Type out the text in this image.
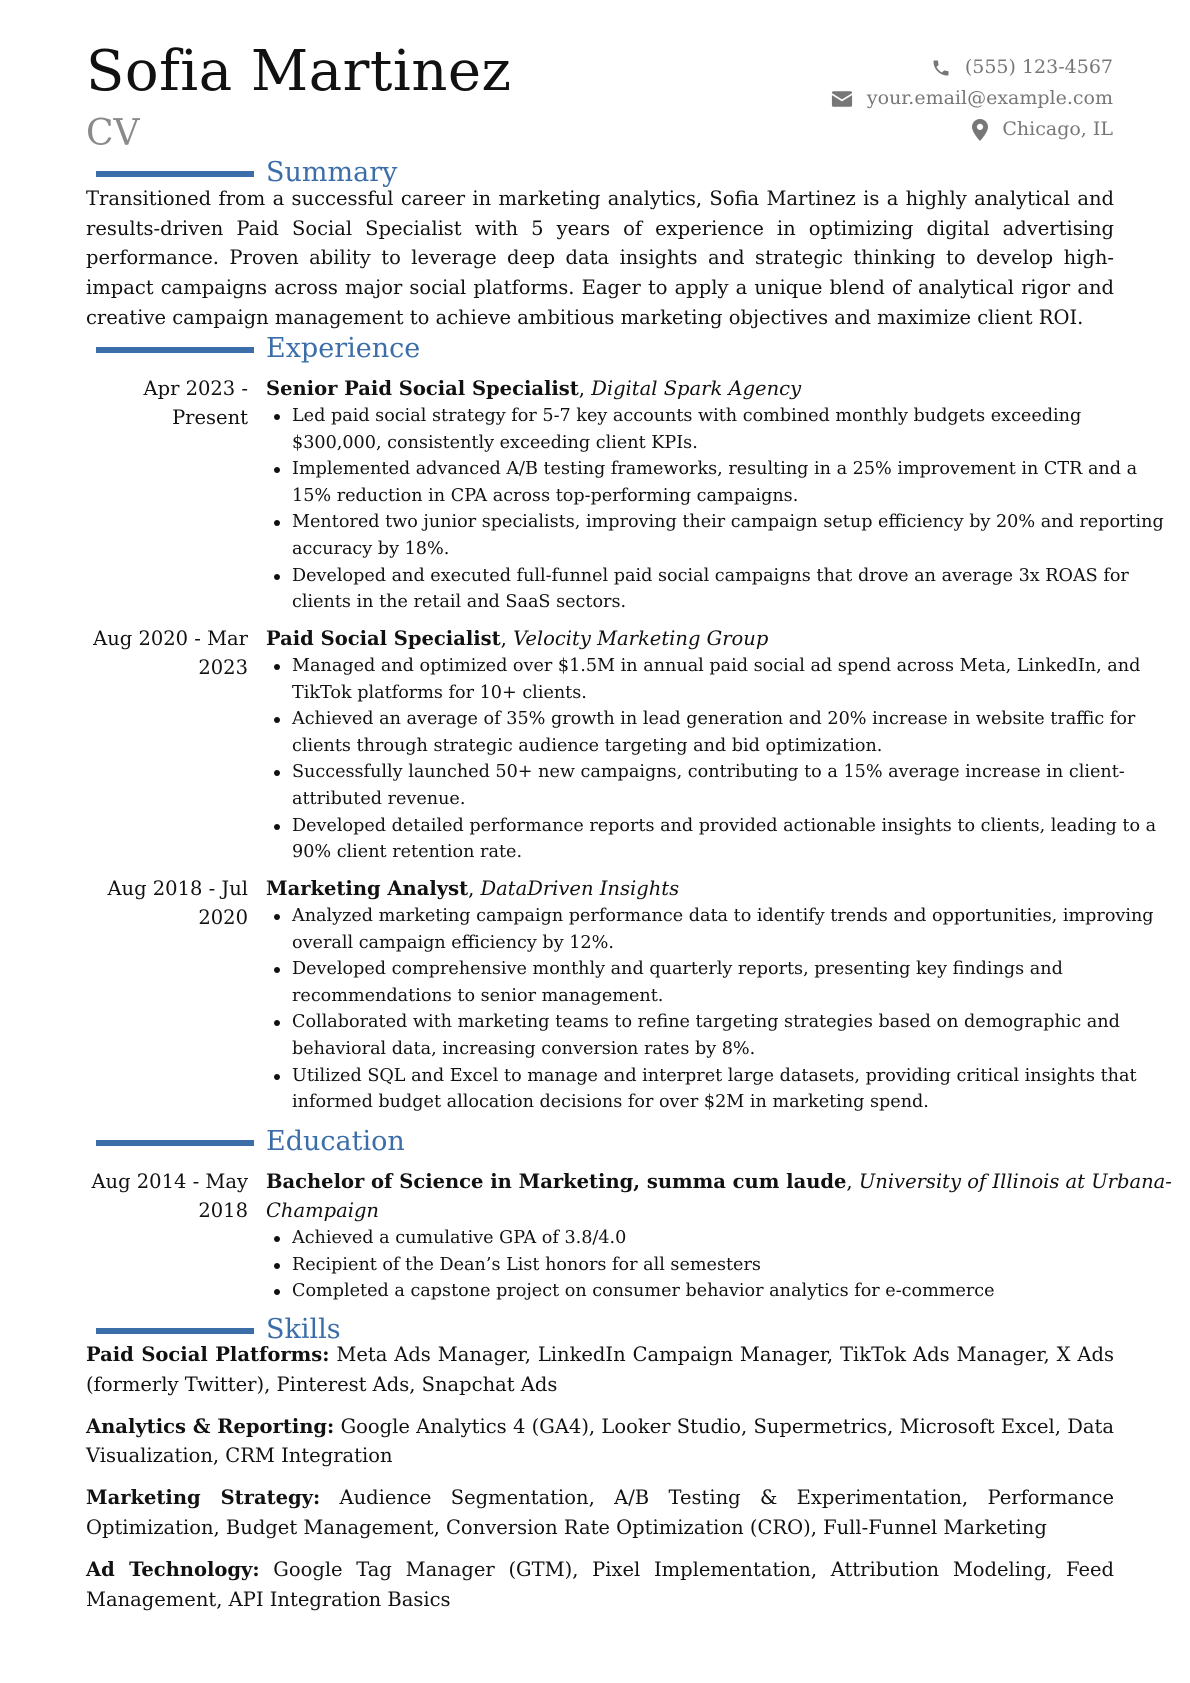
Sofia Martinez
CV
(555) 123-4567
your.email@example.com
Chicago, IL
Summary

Transitioned from a successful career in marketing analytics, Sofia Martinez is a highly analytical and results-driven Paid Social Specialist with 5 years of experience in optimizing digital advertising performance. Proven ability to leverage deep data insights and strategic thinking to develop high-impact campaigns across major social platforms. Eager to apply a unique blend of analytical rigor and creative campaign management to achieve ambitious marketing objectives and maximize client ROI.

Experience
Apr 2023 - Present
Senior Paid Social Specialist, Digital Spark Agency
Led paid social strategy for 5-7 key accounts with combined monthly budgets exceeding $300,000, consistently exceeding client KPIs.
Implemented advanced A/B testing frameworks, resulting in a 25% improvement in CTR and a 15% reduction in CPA across top-performing campaigns.
Mentored two junior specialists, improving their campaign setup efficiency by 20% and reporting accuracy by 18%.
Developed and executed full-funnel paid social campaigns that drove an average 3x ROAS for clients in the retail and SaaS sectors.
Aug 2020 - Mar 2023
Paid Social Specialist, Velocity Marketing Group
Managed and optimized over $1.5M in annual paid social ad spend across Meta, LinkedIn, and TikTok platforms for 10+ clients.
Achieved an average of 35% growth in lead generation and 20% increase in website traffic for clients through strategic audience targeting and bid optimization.
Successfully launched 50+ new campaigns, contributing to a 15% average increase in client-attributed revenue.
Developed detailed performance reports and provided actionable insights to clients, leading to a 90% client retention rate.
Aug 2018 - Jul 2020
Marketing Analyst, DataDriven Insights
Analyzed marketing campaign performance data to identify trends and opportunities, improving overall campaign efficiency by 12%.
Developed comprehensive monthly and quarterly reports, presenting key findings and recommendations to senior management.
Collaborated with marketing teams to refine targeting strategies based on demographic and behavioral data, increasing conversion rates by 8%.
Utilized SQL and Excel to manage and interpret large datasets, providing critical insights that informed budget allocation decisions for over $2M in marketing spend.
Education
Aug 2014 - May 2018
Bachelor of Science in Marketing, summa cum laude, University of Illinois at Urbana-Champaign
Achieved a cumulative GPA of 3.8/4.0
Recipient of the Dean’s List honors for all semesters
Completed a capstone project on consumer behavior analytics for e-commerce
Skills

Paid Social Platforms: Meta Ads Manager, LinkedIn Campaign Manager, TikTok Ads Manager, X Ads (formerly Twitter), Pinterest Ads, Snapchat Ads

Analytics & Reporting: Google Analytics 4 (GA4), Looker Studio, Supermetrics, Microsoft Excel, Data Visualization, CRM Integration

Marketing Strategy: Audience Segmentation, A/B Testing & Experimentation, Performance Optimization, Budget Management, Conversion Rate Optimization (CRO), Full-Funnel Marketing

Ad Technology: Google Tag Manager (GTM), Pixel Implementation, Attribution Modeling, Feed Management, API Integration Basics
